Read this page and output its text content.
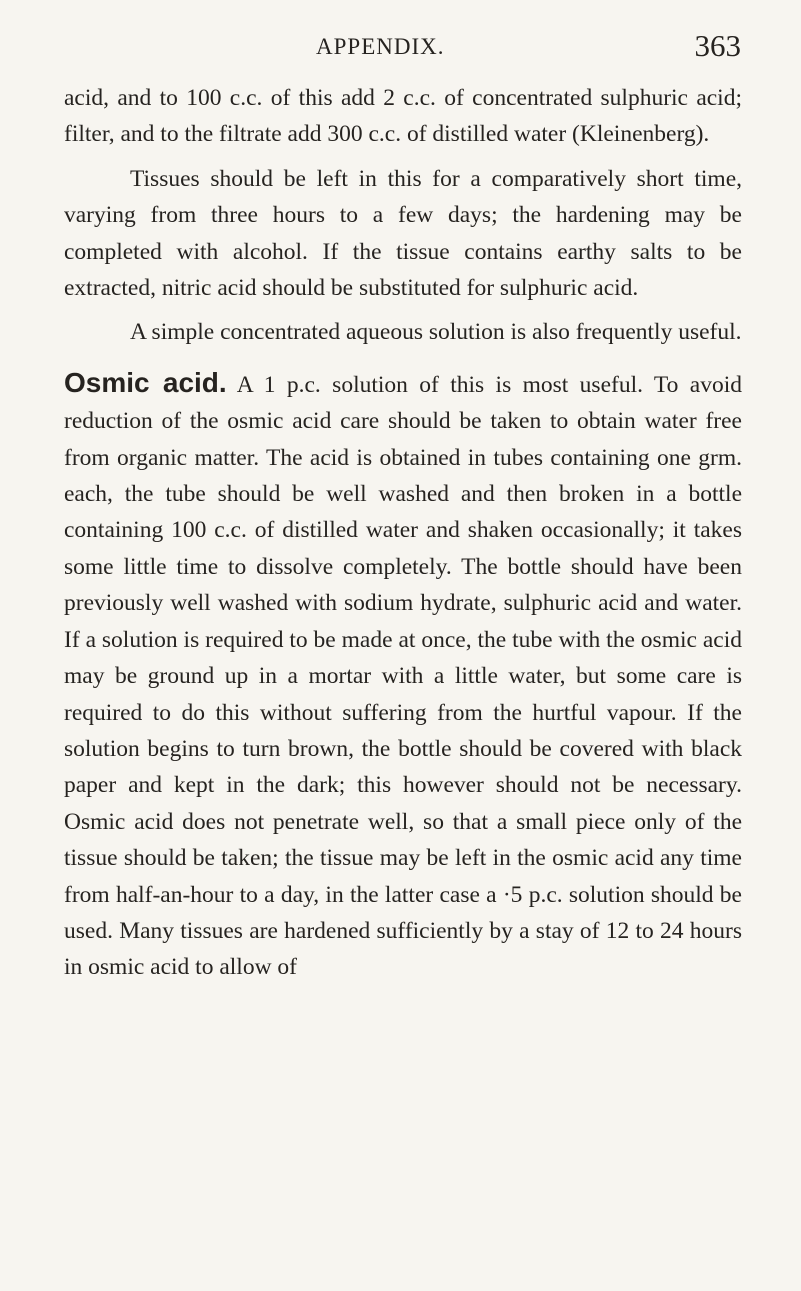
APPENDIX.	363

acid, and to 100 c.c. of this add 2 c.c. of concentrated sulphuric acid; filter, and to the filtrate add 300 c.c. of distilled water (Kleinenberg).

Tissues should be left in this for a comparatively short time, varying from three hours to a few days; the hardening may be completed with alcohol. If the tissue contains earthy salts to be extracted, nitric acid should be substituted for sulphuric acid.

A simple concentrated aqueous solution is also frequently useful.

Osmic acid. A 1 p.c. solution of this is most useful. To avoid reduction of the osmic acid care should be taken to obtain water free from organic matter. The acid is obtained in tubes containing one grm. each, the tube should be well washed and then broken in a bottle containing 100 c.c. of distilled water and shaken occasionally; it takes some little time to dissolve completely. The bottle should have been previously well washed with sodium hydrate, sulphuric acid and water. If a solution is required to be made at once, the tube with the osmic acid may be ground up in a mortar with a little water, but some care is required to do this without suffering from the hurtful vapour. If the solution begins to turn brown, the bottle should be covered with black paper and kept in the dark; this however should not be necessary. Osmic acid does not penetrate well, so that a small piece only of the tissue should be taken; the tissue may be left in the osmic acid any time from half-an-hour to a day, in the latter case a ·5 p.c. solution should be used. Many tissues are hardened sufficiently by a stay of 12 to 24 hours in osmic acid to allow of
